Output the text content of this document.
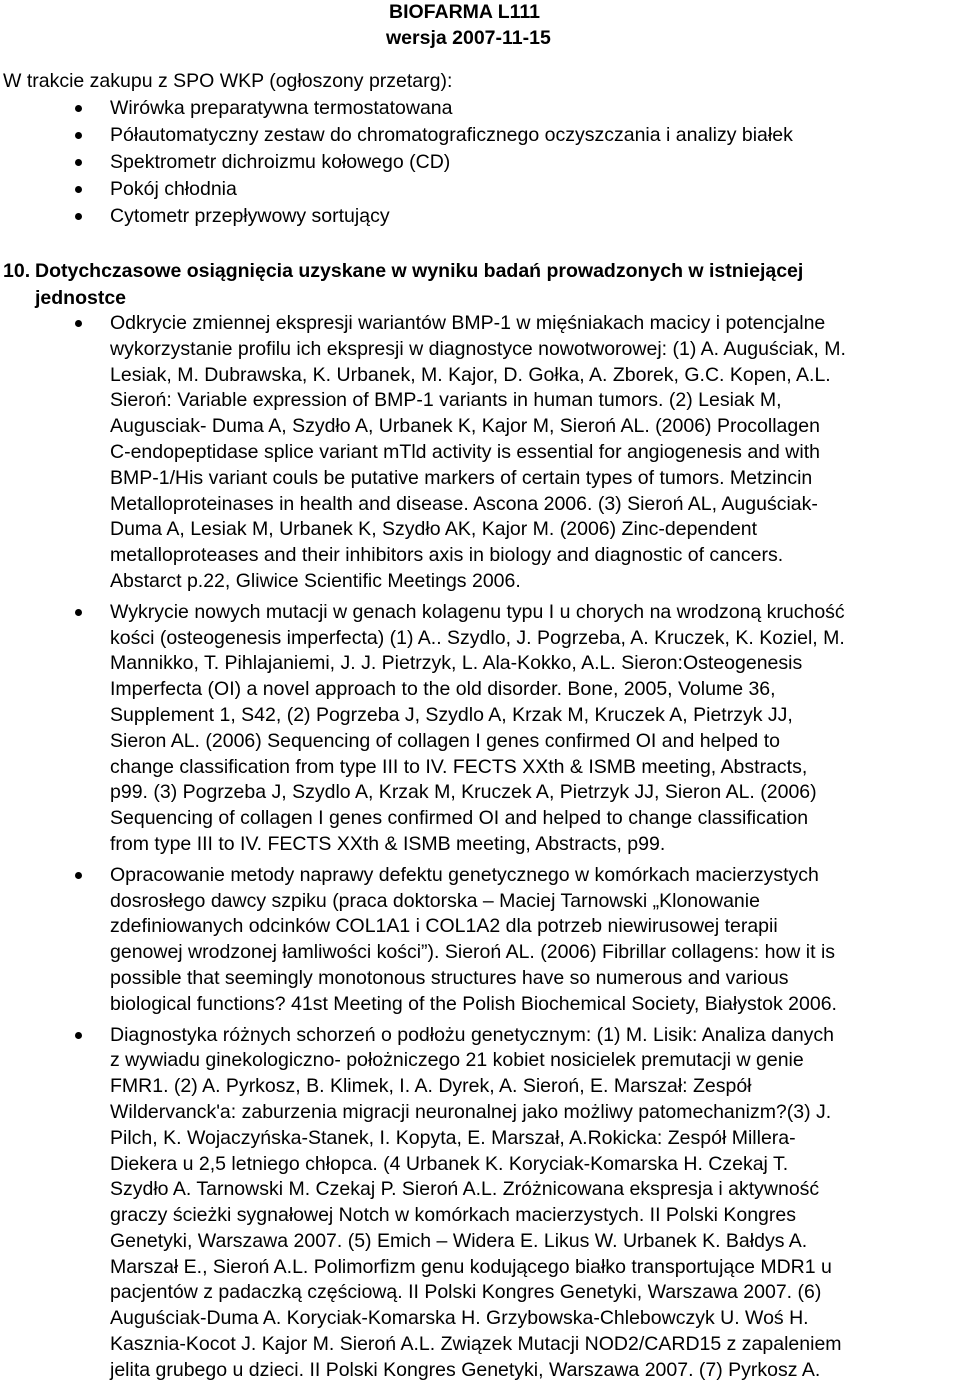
BIOFARMA L111
wersja 2007-11-15
W trakcie zakupu z SPO WKP (ogłoszony przetarg):
Wirówka preparatywna termostatowana
Półautomatyczny zestaw do chromatograficznego oczyszczania i analizy białek
Spektrometr dichroizmu kołowego (CD)
Pokój chłodnia
Cytometr przepływowy sortujący
10. Dotychczasowe osiągnięcia uzyskane w wyniku badań prowadzonych w istniejącej
jednostce

Odkrycie zmiennej ekspresji wariantów BMP-1 w mięśniakach macicy i potencjalne

wykorzystanie profilu ich ekspresji w diagnostyce nowotworowej: (1) A. Auguściak, M.

Lesiak, M. Dubrawska, K. Urbanek, M. Kajor, D. Gołka, A. Zborek, G.C. Kopen, A.L.

Sieroń: Variable expression of BMP-1 variants in human tumors. (2) Lesiak M,

Augusciak- Duma A, Szydło A, Urbanek K, Kajor M, Sieroń AL. (2006) Procollagen

C-endopeptidase splice variant mTld activity is essential for angiogenesis and with

BMP-1/His variant couls be putative markers of certain types of tumors. Metzincin

Metalloproteinases in health and disease. Ascona 2006. (3) Sieroń AL, Auguściak-

Duma A, Lesiak M, Urbanek K, Szydło AK, Kajor M. (2006) Zinc-dependent

metalloproteases and their inhibitors axis in biology and diagnostic of cancers.

Abstarct p.22, Gliwice Scientific Meetings 2006.

Wykrycie nowych mutacji w genach kolagenu typu I u chorych na wrodzoną kruchość

kości (osteogenesis imperfecta) (1) A.. Szydlo, J. Pogrzeba, A. Kruczek, K. Koziel, M.

Mannikko, T. Pihlajaniemi, J. J. Pietrzyk, L. Ala-Kokko, A.L. Sieron:Osteogenesis

Imperfecta (OI) a novel approach to the old disorder. Bone, 2005, Volume 36,

Supplement 1, S42, (2) Pogrzeba J, Szydlo A, Krzak M, Kruczek A, Pietrzyk JJ,

Sieron AL. (2006) Sequencing of collagen I genes confirmed OI and helped to

change classification from type III to IV. FECTS XXth & ISMB meeting, Abstracts,

p99. (3) Pogrzeba J, Szydlo A, Krzak M, Kruczek A, Pietrzyk JJ, Sieron AL. (2006)

Sequencing of collagen I genes confirmed OI and helped to change classification

from type III to IV. FECTS XXth & ISMB meeting, Abstracts, p99.

Opracowanie metody naprawy defektu genetycznego w komórkach macierzystych

dosrosłego dawcy szpiku (praca doktorska – Maciej Tarnowski „Klonowanie

zdefiniowanych odcinków COL1A1 i COL1A2 dla potrzeb niewirusowej terapii

genowej wrodzonej łamliwości kości”). Sieroń AL. (2006) Fibrillar collagens: how it is

possible that seemingly monotonous structures have so numerous and various

biological functions? 41st Meeting of the Polish Biochemical Society, Białystok 2006.

Diagnostyka różnych schorzeń o podłożu genetycznym: (1) M. Lisik: Analiza danych

z wywiadu ginekologiczno- położniczego 21 kobiet nosicielek premutacji w genie

FMR1. (2) A. Pyrkosz, B. Klimek, I. A. Dyrek, A. Sieroń, E. Marszał: Zespół

Wildervanck'a: zaburzenia migracji neuronalnej jako możliwy patomechanizm?(3) J.

Pilch, K. Wojaczyńska-Stanek, I. Kopyta, E. Marszał, A.Rokicka: Zespół Millera-

Diekera u 2,5 letniego chłopca. (4 Urbanek K. Koryciak-Komarska H. Czekaj T.

Szydło A. Tarnowski M. Czekaj P. Sieroń A.L. Zróżnicowana ekspresja i aktywność

graczy ścieżki sygnałowej Notch w komórkach macierzystych. II Polski Kongres

Genetyki, Warszawa 2007. (5) Emich – Widera E. Likus W. Urbanek K. Bałdys A.

Marszał E., Sieroń A.L. Polimorfizm genu kodującego białko transportujące MDR1 u

pacjentów z padaczką częściową. II Polski Kongres Genetyki, Warszawa 2007. (6)

Auguściak-Duma A. Koryciak-Komarska H. Grzybowska-Chlebowczyk U. Woś H.

Kasznia-Kocot J. Kajor M. Sieroń A.L. Związek Mutacji NOD2/CARD15 z zapaleniem

jelita grubego u dzieci. II Polski Kongres Genetyki, Warszawa 2007. (7) Pyrkosz A.
